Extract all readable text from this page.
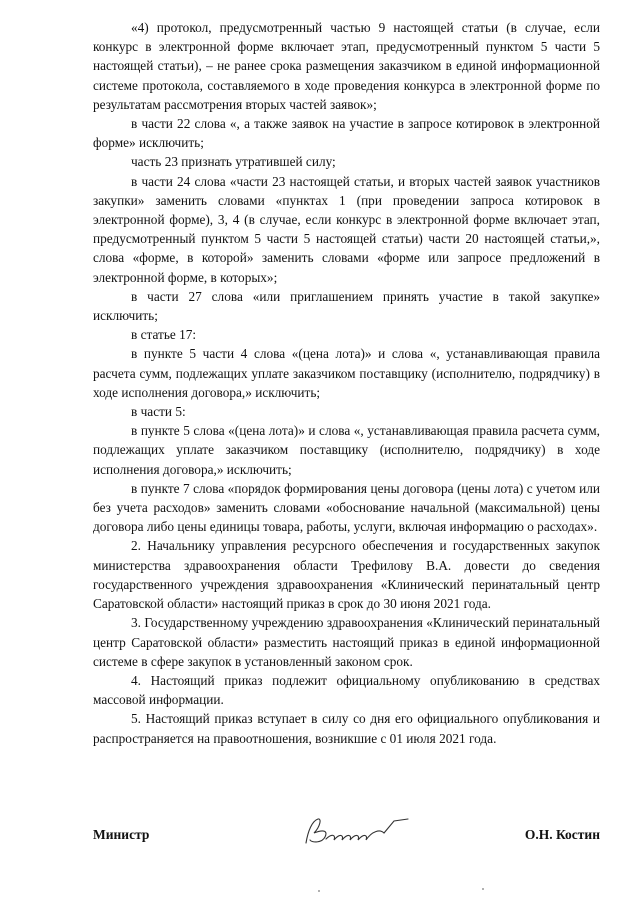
«4) протокол, предусмотренный частью 9 настоящей статьи (в случае, если конкурс в электронной форме включает этап, предусмотренный пунктом 5 части 5 настоящей статьи), – не ранее срока размещения заказчиком в единой информационной системе протокола, составляемого в ходе проведения конкурса в электронной форме по результатам рассмотрения вторых частей заявок»;

в части 22 слова «, а также заявок на участие в запросе котировок в электронной форме» исключить;

часть 23 признать утратившей силу;

в части 24 слова «части 23 настоящей статьи, и вторых частей заявок участников закупки» заменить словами «пунктах 1 (при проведении запроса котировок в электронной форме), 3, 4 (в случае, если конкурс в электронной форме включает этап, предусмотренный пунктом 5 части 5 настоящей статьи) части 20 настоящей статьи,», слова «форме, в которой» заменить словами «форме или запросе предложений в электронной форме, в которых»;

в части 27 слова «или приглашением принять участие в такой закупке» исключить;

в статье 17:

в пункте 5 части 4 слова «(цена лота)» и слова «, устанавливающая правила расчета сумм, подлежащих уплате заказчиком поставщику (исполнителю, подрядчику) в ходе исполнения договора,» исключить;

в части 5:

в пункте 5 слова «(цена лота)» и слова «, устанавливающая правила расчета сумм, подлежащих уплате заказчиком поставщику (исполнителю, подрядчику) в ходе исполнения договора,» исключить;

в пункте 7 слова «порядок формирования цены договора (цены лота) с учетом или без учета расходов» заменить словами «обоснование начальной (максимальной) цены договора либо цены единицы товара, работы, услуги, включая информацию о расходах».

2. Начальнику управления ресурсного обеспечения и государственных закупок министерства здравоохранения области Трефилову В.А. довести до сведения государственного учреждения здравоохранения «Клинический перинатальный центр Саратовской области» настоящий приказ в срок до 30 июня 2021 года.

3. Государственному учреждению здравоохранения «Клинический перинатальный центр Саратовской области» разместить настоящий приказ в единой информационной системе в сфере закупок в установленный законом срок.

4. Настоящий приказ подлежит официальному опубликованию в средствах массовой информации.

5. Настоящий приказ вступает в силу со дня его официального опубликования и распространяется на правоотношения, возникшие с 01 июля 2021 года.

Министр	О.Н. Костин
